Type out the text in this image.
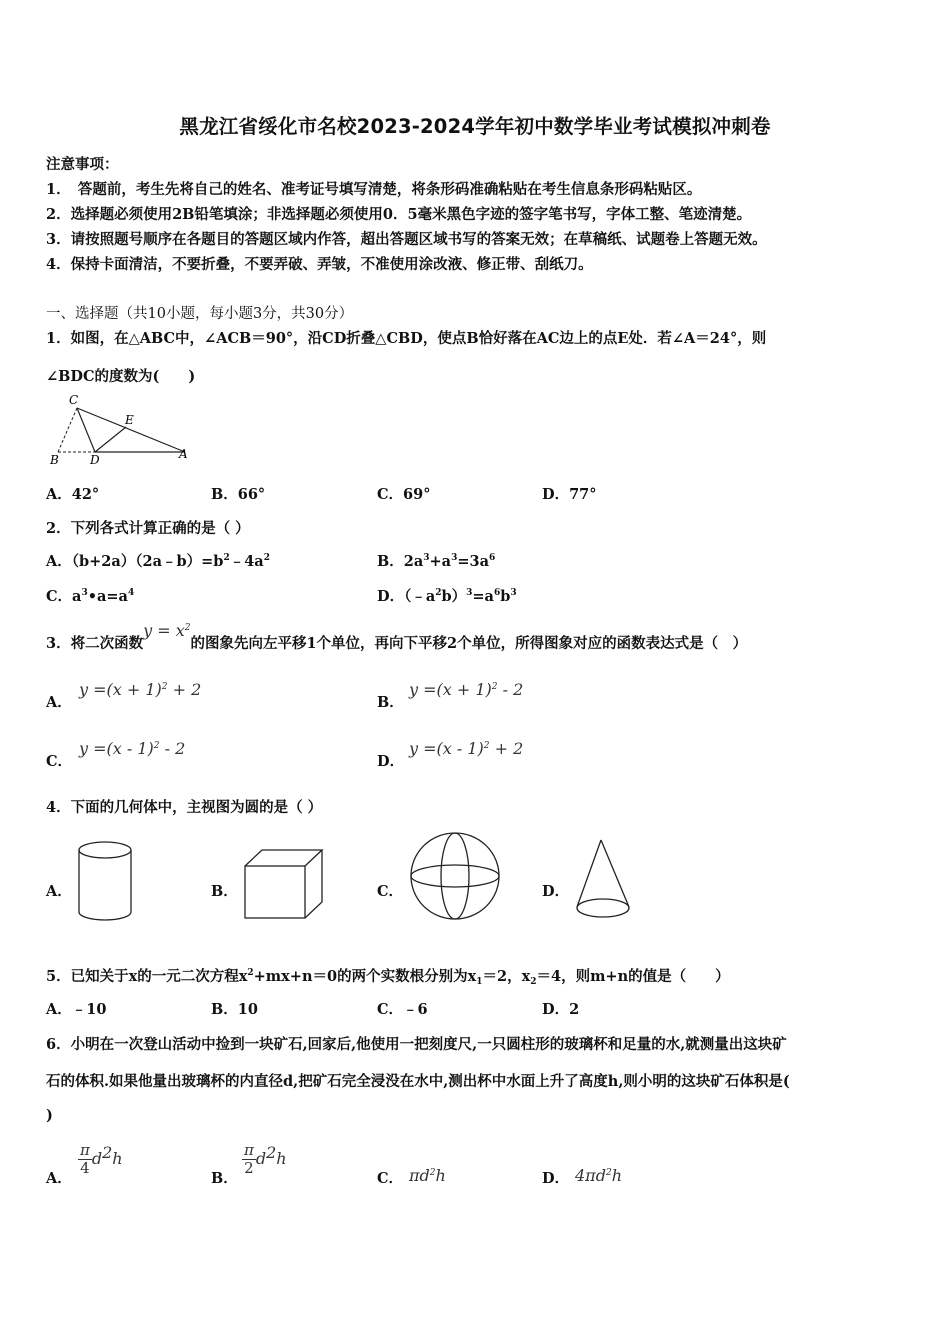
黑龙江省绥化市名校2023-2024学年初中数学毕业考试模拟冲刺卷
注意事项：
1．　答题前，考生先将自己的姓名、准考证号填写清楚，将条形码准确粘贴在考生信息条形码粘贴区。
2．选择题必须使用2B铅笔填涂；非选择题必须使用0．5毫米黑色字迹的签字笔书写，字体工整、笔迹清楚。
3．请按照题号顺序在各题目的答题区域内作答，超出答题区域书写的答案无效；在草稿纸、试题卷上答题无效。
4．保持卡面清洁，不要折叠，不要弄破、弄皱，不准使用涂改液、修正带、刮纸刀。
一、选择题（共10小题，每小题3分，共30分）
1．如图，在△ABC中，∠ACB＝90°，沿CD折叠△CBD，使点B恰好落在AC边上的点E处．若∠A＝24°，则
∠BDC的度数为(　　)
C
E
B	D	A
A．42°	B．66°	C．69°	D．77°
2．下列各式计算正确的是（ ）
A．$(b+2a)(2a﹣b)=b^2﹣4a^2$	B．$2a^3+a^3=3a^6$
C．$a^3•a=a^4$	D．$(﹣a^2b)^3=a^6b^3$
3．将二次函数$y = x^2$的图象先向左平移1个单位，再向下平移2个单位，所得图象对应的函数表达式是（　）
A．
$y =(x + 1)^2 + 2$
B．
$y =(x + 1)^2 - 2$
C．
y =(x - 1)$^2$ - 2
D．
y =(x - 1)$^2$ + 2
4．下面的几何体中，主视图为圆的是（ ）
A．	B．	C．	D．
5．已知关于x的一元二次方程$x^2+mx+n=0$的两个实数根分别为$x_1=2$，$x_2=4$，则m+n的值是（　　）
A．﹣10	B．10	C．﹣6	D．2
6．小明在一次登山活动中捡到一块矿石,回家后,他使用一把刻度尺,一只圆柱形的玻璃杯和足量的水,就测量出这块矿
石的体积.如果他量出玻璃杯的内直径d,把矿石完全浸没在水中,测出杯中水面上升了高度h,则小明的这块矿石体积是(
)
A．
$\frac{\pi}{4} d^2h$
B．
$\frac{\pi}{2} d^2h$
C． $\pi d^2h$	D． $4\pi d^2h$
